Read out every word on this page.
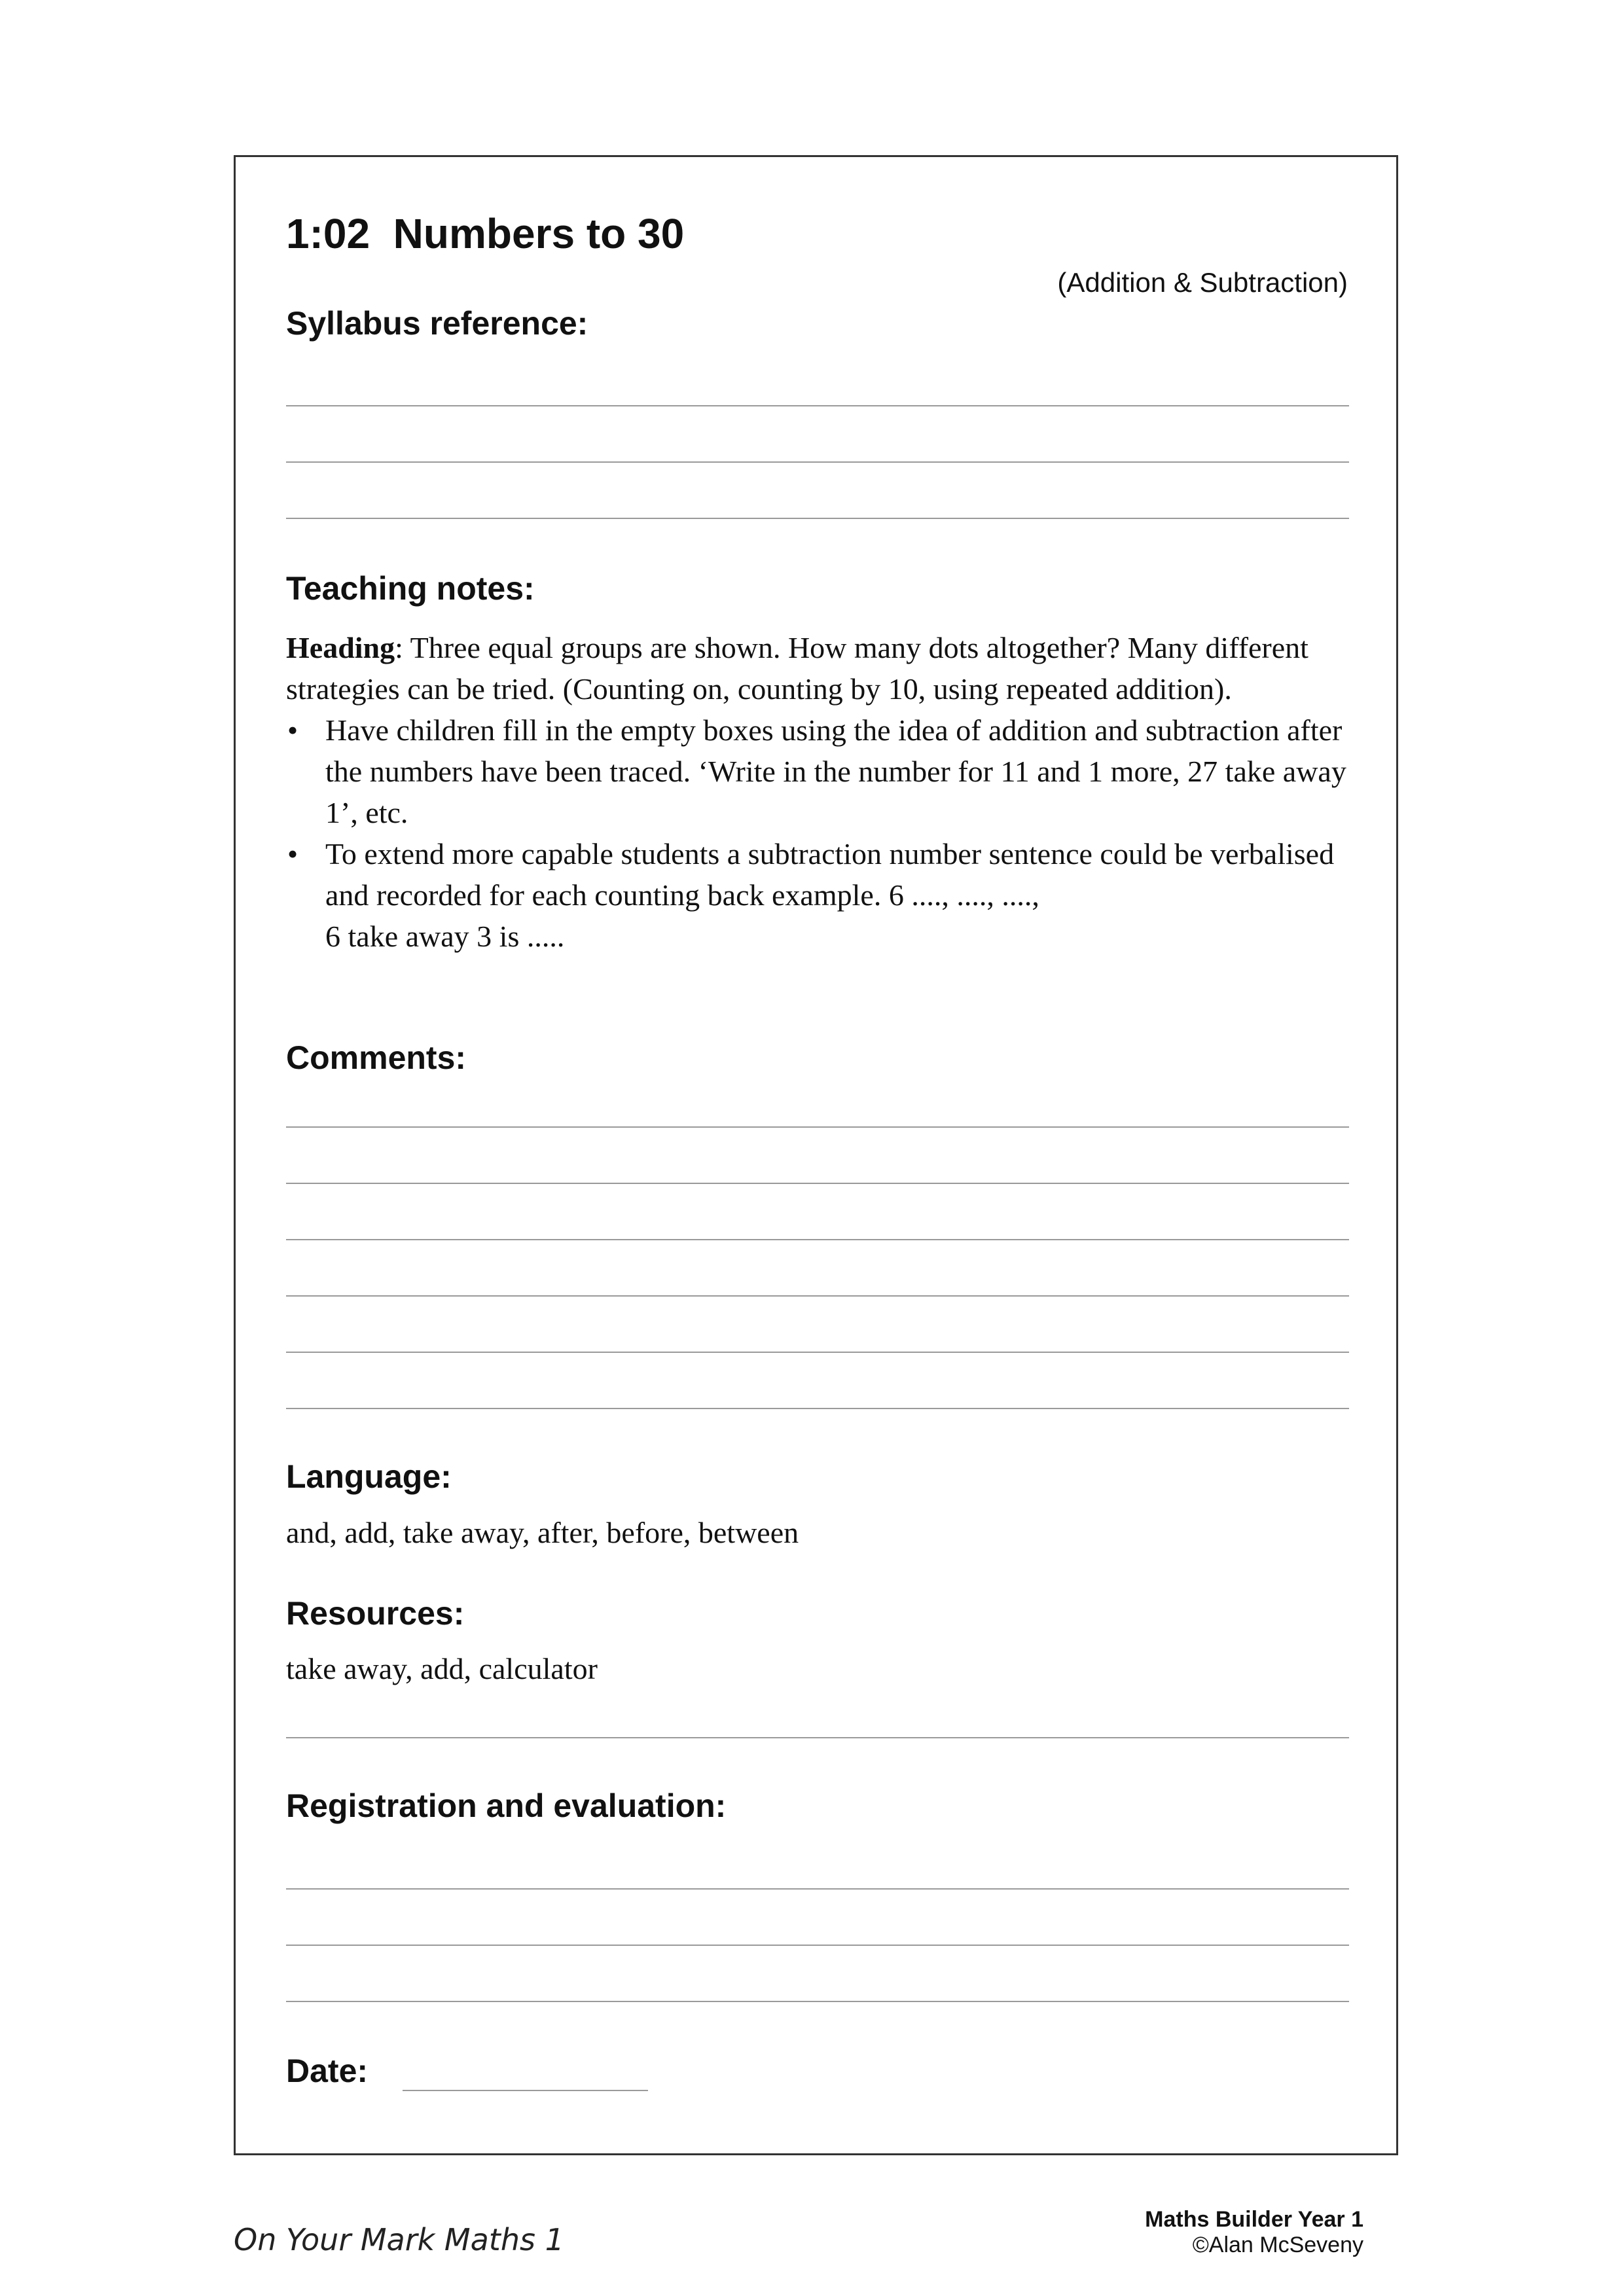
1:02  Numbers to 30
(Addition & Subtraction)
Syllabus reference:
Teaching notes:

Heading: Three equal groups are shown. How many dots altogether? Many different strategies can be tried. (Counting on, counting by 10, using repeated addition).

• Have children fill in the empty boxes using the idea of addition and subtraction after the numbers have been traced. ‘Write in the number for 11 and 1 more, 27 take away 1’, etc.
• To extend more capable students a subtraction number sentence could be verbalised and recorded for each counting back example. 6 ...., ...., ....,
6 take away 3 is .....
Comments:
Language:
and, add, take away, after, before, between
Resources:
take away, add, calculator
Registration and evaluation:
Date:
On Your Mark Maths 1
Maths Builder Year 1
©Alan McSeveny
